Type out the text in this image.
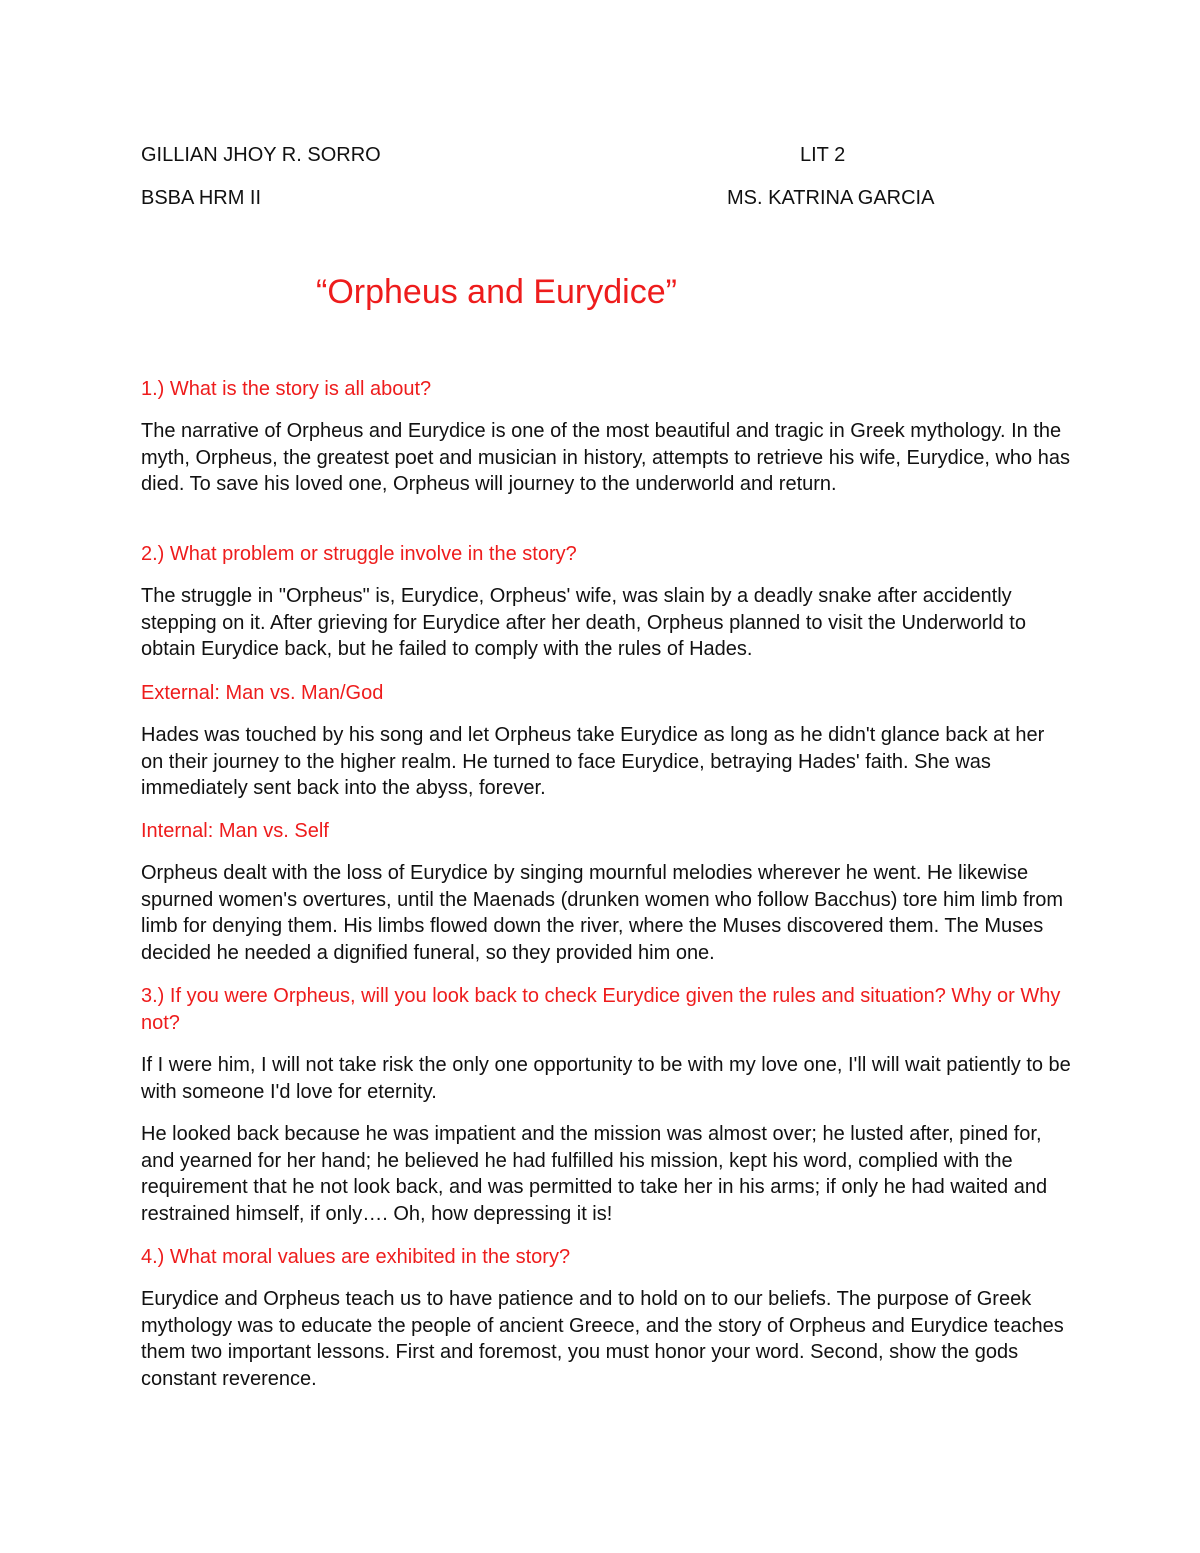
GILLIAN JHOY R. SORRO	LIT 2
BSBA HRM II	MS. KATRINA GARCIA
“Orpheus and Eurydice”

1.) What is the story is all about?

The narrative of Orpheus and Eurydice is one of the most beautiful and tragic in Greek mythology. In the myth, Orpheus, the greatest poet and musician in history, attempts to retrieve his wife, Eurydice, who has died. To save his loved one, Orpheus will journey to the underworld and return.

2.) What problem or struggle involve in the story?

The struggle in "Orpheus" is, Eurydice, Orpheus' wife, was slain by a deadly snake after accidently stepping on it. After grieving for Eurydice after her death, Orpheus planned to visit the Underworld to obtain Eurydice back, but he failed to comply with the rules of Hades.

External: Man vs. Man/God

Hades was touched by his song and let Orpheus take Eurydice as long as he didn't glance back at her on their journey to the higher realm. He turned to face Eurydice, betraying Hades' faith. She was immediately sent back into the abyss, forever.

Internal: Man vs. Self

Orpheus dealt with the loss of Eurydice by singing mournful melodies wherever he went. He likewise spurned women's overtures, until the Maenads (drunken women who follow Bacchus) tore him limb from limb for denying them. His limbs flowed down the river, where the Muses discovered them. The Muses decided he needed a dignified funeral, so they provided him one.

3.) If you were Orpheus, will you look back to check Eurydice given the rules and situation? Why or Why not?

If I were him, I will not take risk the only one opportunity to be with my love one, I'll will wait patiently to be with someone I'd love for eternity.

He looked back because he was impatient and the mission was almost over; he lusted after, pined for, and yearned for her hand; he believed he had fulfilled his mission, kept his word, complied with the requirement that he not look back, and was permitted to take her in his arms; if only he had waited and restrained himself, if only…. Oh, how depressing it is!

4.) What moral values are exhibited in the story?

Eurydice and Orpheus teach us to have patience and to hold on to our beliefs. The purpose of Greek mythology was to educate the people of ancient Greece, and the story of Orpheus and Eurydice teaches them two important lessons. First and foremost, you must honor your word. Second, show the gods constant reverence.
